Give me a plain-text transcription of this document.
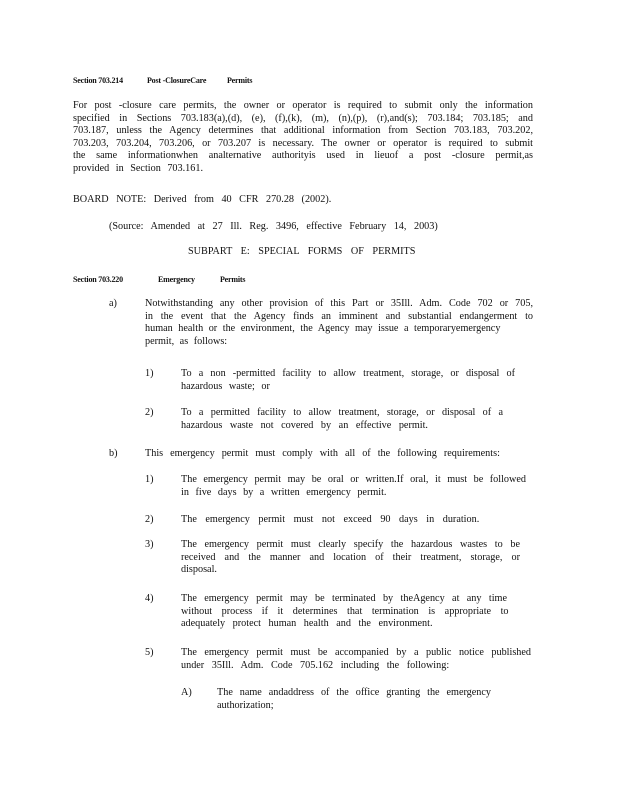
Section 703.214	Post -ClosureCare	Permits
For post -closure care permits, the owner or operator is required to submit only the information
specified in Sections 703.183(a),(d), (e), (f),(k), (m), (n),(p), (r),and(s); 703.184; 703.185; and
703.187, unless the Agency determines that additional information from Section 703.183, 703.202,
703.203, 703.204, 703.206, or 703.207 is necessary. The owner or operator is required to submit
the same informationwhen analternative authorityis used in lieuof a post -closure permit,as
provided in Section 703.161.
BOARD NOTE: Derived from 40 CFR 270.28 (2002).
(Source: Amended at 27 Ill. Reg. 3496, effective February 14, 2003)
SUBPART E: SPECIAL FORMS OF PERMITS
Section 703.220	Emergency	Permits
a)	Notwithstanding any other provision of this Part or 35Ill. Adm. Code 702 or 705,
in the event that the Agency finds an imminent and substantial endangerment to
human health or the environment, the Agency may issue a temporaryemergency
permit, as follows:
1)	To a non -permitted facility to allow treatment, storage, or disposal of
hazardous waste; or
2)	To a permitted facility to allow treatment, storage, or disposal of a
hazardous waste not covered by an effective permit.
b)	This emergency permit must comply with all of the following requirements:
1)	The emergency permit may be oral or written.If oral, it must be followed
in five days by a written emergency permit.
2)	The emergency permit must not exceed 90 days in duration.
3)	The emergency permit must clearly specify the hazardous wastes to be
received and the manner and location of their treatment, storage, or
disposal.
4)	The emergency permit may be terminated by theAgency at any time
without process if it determines that termination is appropriate to
adequately protect human health and the environment.
5)	The emergency permit must be accompanied by a public notice published
under 35Ill. Adm. Code 705.162 including the following:
A) The name andaddress of the office granting the emergency
authorization;
